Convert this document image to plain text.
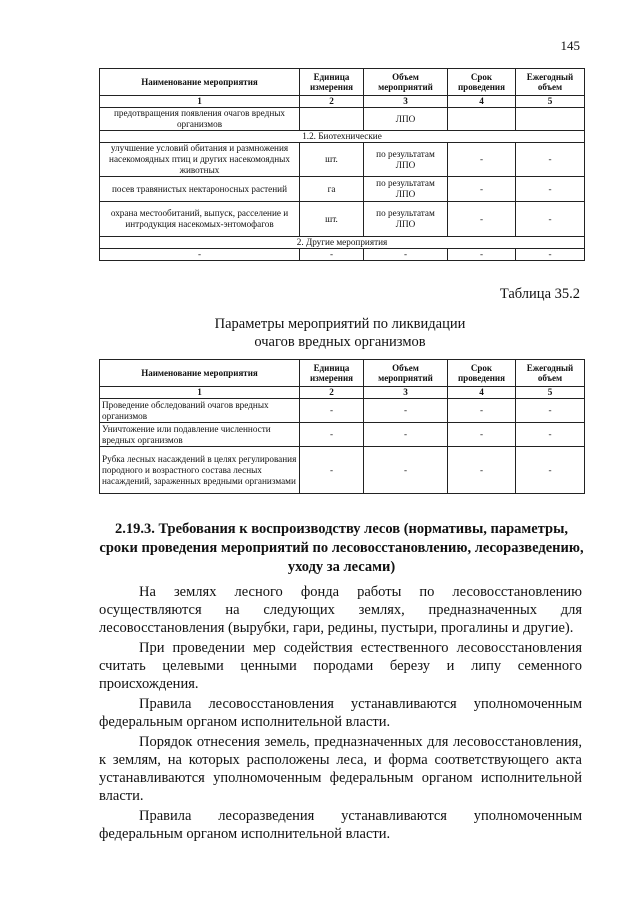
145
Наименование мероприятия	Единица измерения	Объем мероприятий	Срок проведения	Ежегодный объем
1	2	3	4	5
предотвращения появления очагов вредных организмов		ЛПО		
1.2. Биотехнические				
улучшение условий обитания и размножения насекомоядных птиц и других насекомоядных животных	шт.	по результатам ЛПО	-	-
посев травянистых нектароносных растений	га	по результатам ЛПО	-	-
охрана местообитаний, выпуск, расселение и интродукция насекомых-энтомофагов	шт.	по результатам ЛПО	-	-
2. Другие мероприятия				
-	-	-	-	-
Таблица 35.2
Параметры мероприятий по ликвидации
очагов вредных организмов
Наименование мероприятия	Единица измерения	Объем мероприятий	Срок проведения	Ежегодный объем
1	2	3	4	5
Проведение обследований очагов вредных организмов	-	-	-	-
Уничтожение или подавление численности вредных организмов	-	-	-	-
Рубка лесных насаждений в целях регулирования породного и возрастного состава лесных насаждений, зараженных вредными организмами	-	-	-	-
2.19.3. Требования к воспроизводству лесов (нормативы, параметры, сроки проведения мероприятий по лесовосстановлению, лесоразведению, уходу за лесами)

На землях лесного фонда работы по лесовосстановлению осуществляются на следующих землях, предназначенных для лесовосстановления (вырубки, гари, редины, пустыри, прогалины и другие).

При проведении мер содействия естественного лесовосстановления считать целевыми ценными породами березу и липу семенного происхождения.

Правила лесовосстановления устанавливаются уполномоченным федеральным органом исполнительной власти.

Порядок отнесения земель, предназначенных для лесовосстановления, к землям, на которых расположены леса, и форма соответствующего акта устанавливаются уполномоченным федеральным органом исполнительной власти.

Правила лесоразведения устанавливаются уполномоченным федеральным органом исполнительной власти.
